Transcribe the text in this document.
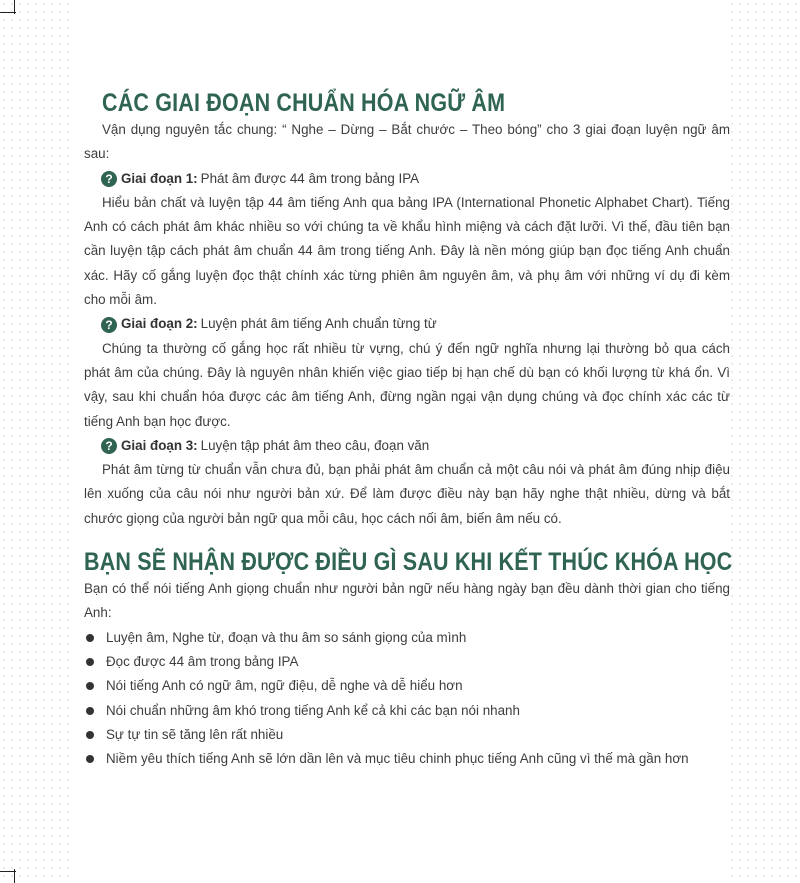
CÁC GIAI ĐOẠN CHUẨN HÓA NGỮ ÂM

Vận dụng nguyên tắc chung: “ Nghe – Dừng – Bắt chước – Theo bóng” cho 3 giai đoạn luyện ngữ âm sau:

? Giai đoạn 1: Phát âm được 44 âm trong bảng IPA

Hiểu bản chất và luyện tập 44 âm tiếng Anh qua bảng IPA (International Phonetic Alphabet Chart). Tiếng Anh có cách phát âm khác nhiều so với chúng ta về khẩu hình miệng và cách đặt lưỡi. Vì thế, đầu tiên bạn cần luyện tập cách phát âm chuẩn 44 âm trong tiếng Anh. Đây là nền móng giúp bạn đọc tiếng Anh chuẩn xác. Hãy cố gắng luyện đọc thật chính xác từng phiên âm nguyên âm, và phụ âm với những ví dụ đi kèm cho mỗi âm.

? Giai đoạn 2: Luyện phát âm tiếng Anh chuẩn từng từ

Chúng ta thường cố gắng học rất nhiều từ vựng, chú ý đến ngữ nghĩa nhưng lại thường bỏ qua cách phát âm của chúng. Đây là nguyên nhân khiến việc giao tiếp bị hạn chế dù bạn có khối lượng từ khá ổn. Vì vậy, sau khi chuẩn hóa được các âm tiếng Anh, đừng ngần ngại vận dụng chúng và đọc chính xác các từ tiếng Anh bạn học được.

? Giai đoạn 3: Luyện tập phát âm theo câu, đoạn văn

Phát âm từng từ chuẩn vẫn chưa đủ, bạn phải phát âm chuẩn cả một câu nói và phát âm đúng nhịp điệu lên xuống của câu nói như người bản xứ. Để làm được điều này bạn hãy nghe thật nhiều, dừng và bắt chước giọng của người bản ngữ qua mỗi câu, học cách nối âm, biến âm nếu có.

BẠN SẼ NHẬN ĐƯỢC ĐIỀU GÌ SAU KHI KẾT THÚC KHÓA HỌC

Bạn có thể nói tiếng Anh giọng chuẩn như người bản ngữ nếu hàng ngày bạn đều dành thời gian cho tiếng Anh:

Luyện âm, Nghe từ, đoạn và thu âm so sánh giọng của mình
Đọc được 44 âm trong bảng IPA
Nói tiếng Anh có ngữ âm, ngữ điệu, dễ nghe và dễ hiểu hơn
Nói chuẩn những âm khó trong tiếng Anh kể cả khi các bạn nói nhanh
Sự tự tin sẽ tăng lên rất nhiều
Niềm yêu thích tiếng Anh sẽ lớn dần lên và mục tiêu chinh phục tiếng Anh cũng vì thế mà gần hơn
